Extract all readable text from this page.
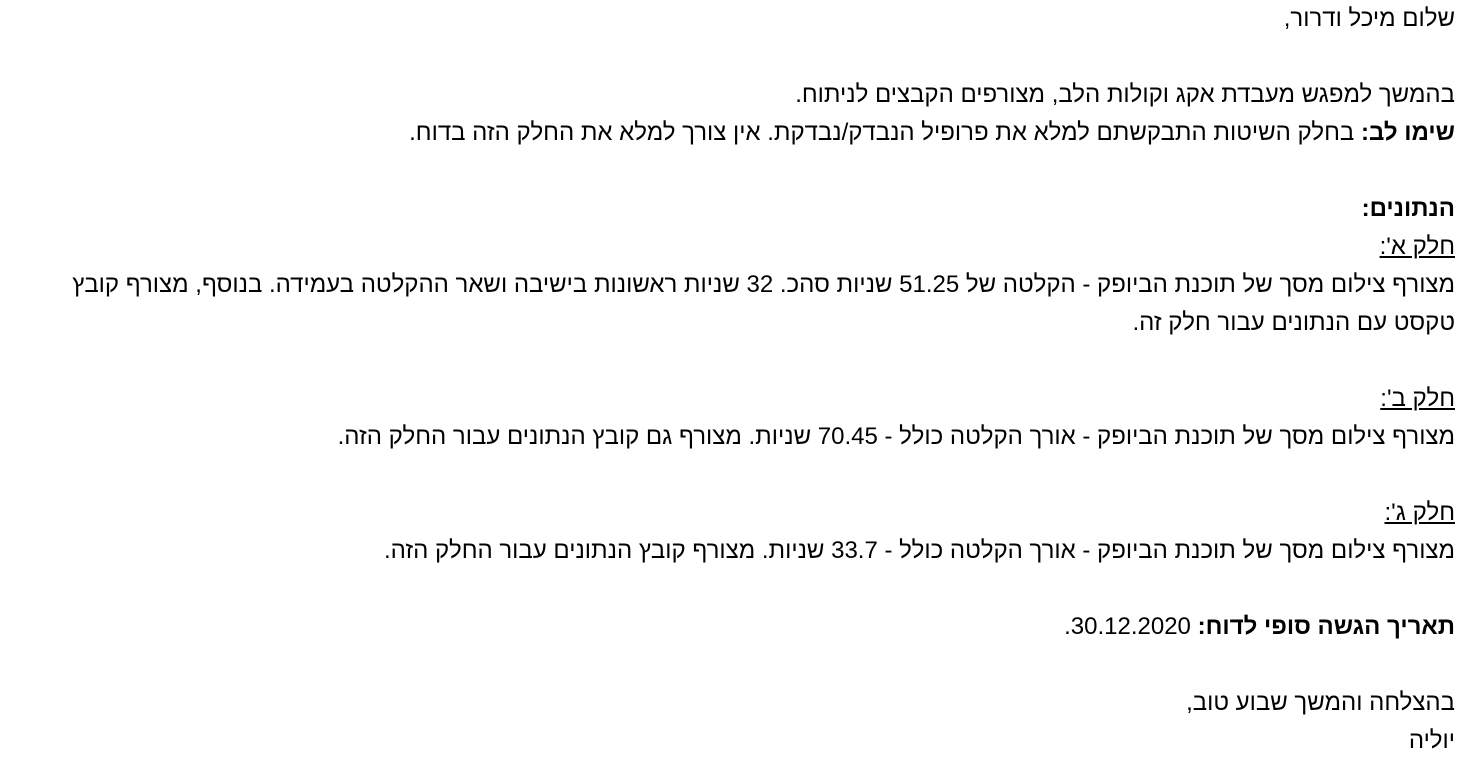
שלום מיכל ודרור,
בהמשך למפגש מעבדת אקג וקולות הלב, מצורפים הקבצים לניתוח.
שימו לב: בחלק השיטות התבקשתם למלא את פרופיל הנבדק/נבדקת. אין צורך למלא את החלק הזה בדוח.
הנתונים:
חלק א':
מצורף צילום מסך של תוכנת הביופק - הקלטה של 51.25 שניות סהכ. 32 שניות ראשונות בישיבה ושאר ההקלטה בעמידה. בנוסף, מצורף קובץ טקסט עם הנתונים עבור חלק זה.
חלק ב':
מצורף צילום מסך של תוכנת הביופק - אורך הקלטה כולל - 70.45 שניות. מצורף גם קובץ הנתונים עבור החלק הזה.
חלק ג':
מצורף צילום מסך של תוכנת הביופק - אורך הקלטה כולל - 33.7 שניות. מצורף קובץ הנתונים עבור החלק הזה.
תאריך הגשה סופי לדוח: 30.12.2020.
בהצלחה והמשך שבוע טוב,
יוליה
